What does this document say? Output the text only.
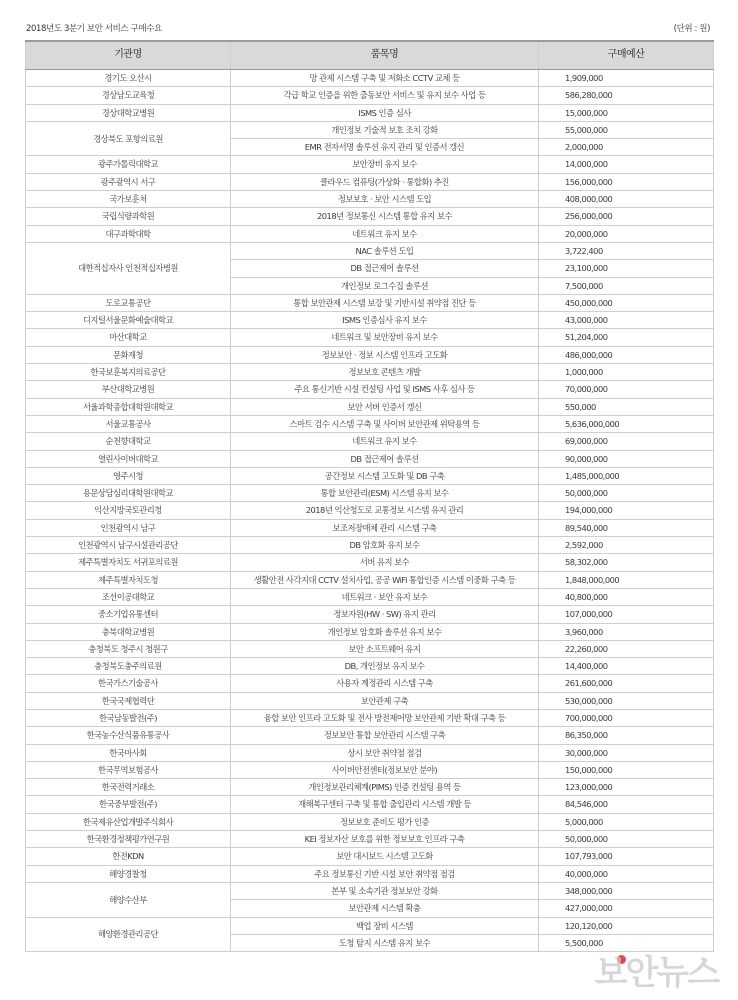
2018년도 3분기 보안 서비스 구매수요	(단위 : 원)
기관명	품목명	구매예산
경기도 오산시	망 관제 시스템 구축 및 저화소 CCTV 교체 등	1,909,000
경상남도교육청	각급 학교 인증을 위한 출동보안 서비스 및 유지 보수 사업 등	586,280,000
경상대학교병원	ISMS 인증 심사	15,000,000
경상북도 포항의료원	개인정보 기술적 보호 조치 강화	55,000,000
	EMR 전자서명 솔루션 유지 관리 및 인증서 갱신	2,000,000
광주가톨릭대학교	보안장비 유지 보수	14,000,000
광주광역시 서구	클라우드 컴퓨팅(가상화 · 통합화) 추진	156,000,000
국가보훈처	정보보호 · 보안 시스템 도입	408,000,000
국립식량과학원	2018년 정보통신 시스템 통합 유지 보수	256,000,000
대구과학대학	네트워크 유지 보수	20,000,000
대한적십자사 인천적십자병원	NAC 솔루션 도입	3,722,400
	DB 접근제어 솔루션	23,100,000
	개인정보 로그수집 솔루션	7,500,000
도로교통공단	통합 보안관제 시스템 보강 및 기반시설 취약점 진단 등	450,000,000
디지털서울문화예술대학교	ISMS 인증심사 유지 보수	43,000,000
마산대학교	네트워크 및 보안장비 유지 보수	51,204,000
문화재청	정보보안 · 정보 시스템 인프라 고도화	486,000,000
한국보훈복지의료공단	정보보호 콘텐츠 개발	1,000,000
부산대학교병원	주요 통신기반 시설 컨설팅 사업 및 ISMS 사후 심사 등	70,000,000
서울과학종합대학원대학교	보안 서버 인증서 갱신	550,000
서울교통공사	스마트 검수 시스템 구축 및 사이버 보안관제 위탁용역 등	5,636,000,000
순천향대학교	네트워크 유지 보수	69,000,000
열린사이버대학교	DB 접근제어 솔루션	90,000,000
영주시청	공간정보 시스템 고도화 및 DB 구축	1,485,000,000
용문상담심리대학원대학교	통합 보안관리(ESM) 시스템 유지 보수	50,000,000
익산지방국토관리청	2018년 익산청도로 교통정보 시스템 유지 관리	194,000,000
인천광역시 남구	보조저장매체 관리 시스템 구축	89,540,000
인천광역시 남구시설관리공단	DB 암호화 유지 보수	2,592,000
제주특별자치도 서귀포의료원	서버 유지 보수	58,302,000
제주특별자치도청	생활안전 사각지대 CCTV 설치사업, 공공 WiFi 통합인증 시스템 이중화 구축 등	1,848,000,000
조선이공대학교	네트워크 · 보안 유지 보수	40,800,000
중소기업유통센터	정보자원(HW · SW) 유지 관리	107,000,000
충북대학교병원	개인정보 암호화 솔루션 유지 보수	3,960,000
충청북도 청주시 청원구	보안 소프트웨어 유지	22,260,000
충청북도충주의료원	DB, 개인정보 유지 보수	14,400,000
한국가스기술공사	사용자 계정관리 시스템 구축	261,600,000
한국국제협력단	보안관제 구축	530,000,000
한국남동발전(주)	융합 보안 인프라 고도화 및 전사 방전제어망 보안관제 기반 확대 구축 등	700,000,000
한국농수산식품유통공사	정보보안 통합 보안관리 시스템 구축	86,350,000
한국마사회	상시 보안 취약점 점검	30,000,000
한국무역보험공사	사이버안전센터(정보보안 분야)	150,000,000
한국전력거래소	개인정보관리체계(PIMS) 인증 컨설팅 용역 등	123,000,000
한국중부발전(주)	재해복구센터 구축 및 통합 출입관리 시스템 개발 등	84,546,000
한국제유산업개발주식회사	정보보호 준비도 평가 인증	5,000,000
한국환경정책평가연구원	KEI 정보자산 보호를 위한 정보보호 인프라 구축	50,000,000
한전KDN	보안 대시보드 시스템 고도화	107,793,000
해양경찰청	주요 정보통신 기반 시설 보안 취약점 점검	40,000,000
해양수산부	본부 및 소속기관 정보보안 강화	348,000,000
	보안관제 시스템 확충	427,000,000
해양환경관리공단	백업 장비 시스템	120,120,000
	도청 탐지 시스템 유지 보수	5,500,000
보안뉴스
